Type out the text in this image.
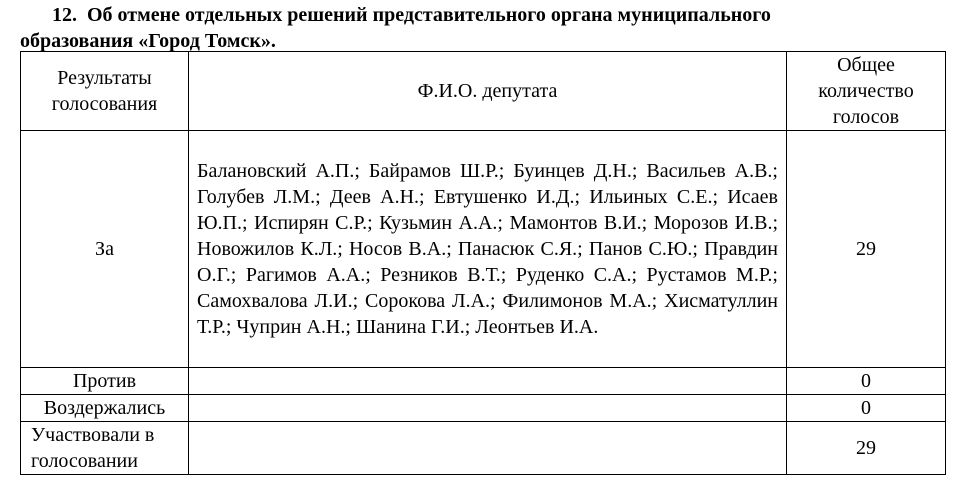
12. Об отмене отдельных решений представительного органа муниципального
образования «Город Томск».
Результаты голосования	Ф.И.О. депутата	Общее количество голосов
За	Балановский А.П.; Байрамов Ш.Р.; Буинцев Д.Н.; Васильев А.В.; Голубев Л.М.; Деев А.Н.; Евтушенко И.Д.; Ильиных С.Е.; Исаев Ю.П.; Испирян С.Р.; Кузьмин А.А.; Мамонтов В.И.; Морозов И.В.; Новожилов К.Л.; Носов В.А.; Панасюк С.Я.; Панов С.Ю.; Правдин О.Г.; Рагимов А.А.; Резников В.Т.; Руденко С.А.; Рустамов М.Р.; Самохвалова Л.И.; Сорокова Л.А.; Филимонов М.А.; Хисматуллин Т.Р.; Чуприн А.Н.; Шанина Г.И.; Леонтьев И.А.	29
Против		0
Воздержались		0
Участвовали в голосовании		29
